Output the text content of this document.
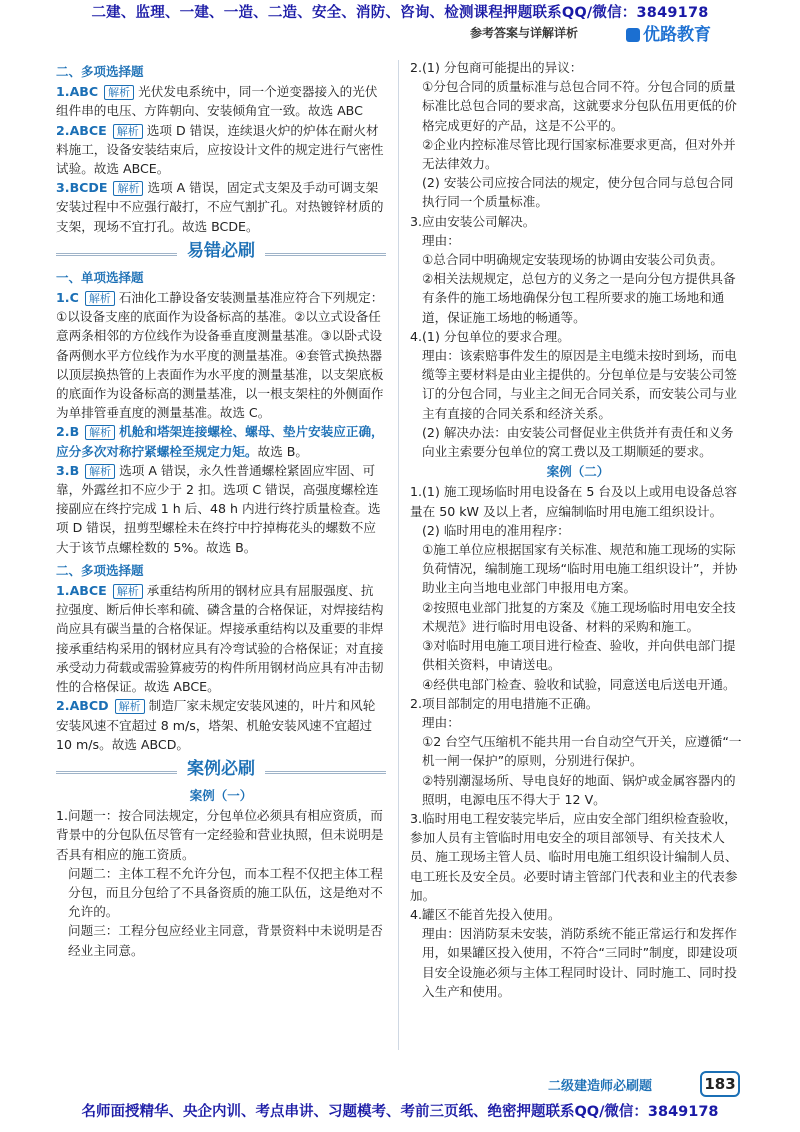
二建、监理、一建、一造、二造、安全、消防、咨询、检测课程押题联系QQ/微信：3849178
参考答案与详解详析	优路教育
二、多项选择题

1.ABC 解析 光伏发电系统中，同一个逆变器接入的光伏组件串的电压、方阵朝向、安装倾角宜一致。故选 ABC

2.ABCE 解析 选项 D 错误，连续退火炉的炉体在耐火材料施工，设备安装结束后，应按设计文件的规定进行气密性试验。故选 ABCE。

3.BCDE 解析 选项 A 错误，固定式支架及手动可调支架安装过程中不应强行敲打，不应气割扩孔。对热镀锌材质的支架，现场不宜打孔。故选 BCDE。

易错必刷
一、单项选择题

1.C 解析 石油化工静设备安装测量基准应符合下列规定：①以设备支座的底面作为设备标高的基准。②以立式设备任意两条相邻的方位线作为设备垂直度测量基准。③以卧式设备两侧水平方位线作为水平度的测量基准。④套管式换热器以顶层换热管的上表面作为水平度的测量基准，以支架底板的底面作为设备标高的测量基准，以一根支架柱的外侧面作为单排管垂直度的测量基准。故选 C。

2.B 解析 机舱和塔架连接螺栓、螺母、垫片安装应正确，应分多次对称拧紧螺栓至规定力矩。故选 B。

3.B 解析 选项 A 错误，永久性普通螺栓紧固应牢固、可靠，外露丝扣不应少于 2 扣。选项 C 错误，高强度螺栓连接副应在终拧完成 1 h 后、48 h 内进行终拧质量检查。选项 D 错误，扭剪型螺栓未在终拧中拧掉梅花头的螺数不应大于该节点螺栓数的 5%。故选 B。

二、多项选择题

1.ABCE 解析 承重结构所用的钢材应具有屈服强度、抗拉强度、断后伸长率和硫、磷含量的合格保证，对焊接结构尚应具有碳当量的合格保证。焊接承重结构以及重要的非焊接承重结构采用的钢材应具有冷弯试验的合格保证；对直接承受动力荷载或需验算疲劳的构件所用钢材尚应具有冲击韧性的合格保证。故选 ABCE。

2.ABCD 解析 制造厂家未规定安装风速的，叶片和风轮安装风速不宜超过 8 m/s，塔架、机舱安装风速不宜超过 10 m/s。故选 ABCD。

案例必刷
案例（一）

1.问题一：按合同法规定，分包单位必须具有相应资质，而背景中的分包队伍尽管有一定经验和营业执照，但未说明是否具有相应的施工资质。

问题二：主体工程不允许分包，而本工程不仅把主体工程分包，而且分包给了不具备资质的施工队伍，这是绝对不允许的。

问题三：工程分包应经业主同意，背景资料中未说明是否经业主同意。

2.(1) 分包商可能提出的异议：

①分包合同的质量标准与总包合同不符。分包合同的质量标准比总包合同的要求高，这就要求分包队伍用更低的价格完成更好的产品，这是不公平的。

②企业内控标准尽管比现行国家标准要求更高，但对外并无法律效力。

(2) 安装公司应按合同法的规定，使分包合同与总包合同执行同一个质量标准。

3.应由安装公司解决。

理由：

①总合同中明确规定安装现场的协调由安装公司负责。

②相关法规规定，总包方的义务之一是向分包方提供具备有条件的施工场地确保分包工程所要求的施工场地和通道，保证施工场地的畅通等。

4.(1) 分包单位的要求合理。

理由：该索赔事件发生的原因是主电缆未按时到场，而电缆等主要材料是由业主提供的。分包单位是与安装公司签订的分包合同，与业主之间无合同关系，而安装公司与业主有直接的合同关系和经济关系。

(2) 解决办法：由安装公司督促业主供货并有责任和义务向业主索要分包单位的窝工费以及工期顺延的要求。

案例（二）

1.(1) 施工现场临时用电设备在 5 台及以上或用电设备总容量在 50 kW 及以上者，应编制临时用电施工组织设计。

(2) 临时用电的准用程序：

①施工单位应根据国家有关标准、规范和施工现场的实际负荷情况，编制施工现场“临时用电施工组织设计”，并协助业主向当地电业部门申报用电方案。

②按照电业部门批复的方案及《施工现场临时用电安全技术规范》进行临时用电设备、材料的采购和施工。

③对临时用电施工项目进行检查、验收，并向供电部门提供相关资料，申请送电。

④经供电部门检查、验收和试验，同意送电后送电开通。

2.项目部制定的用电措施不正确。

理由：

①2 台空气压缩机不能共用一台自动空气开关，应遵循“一机一闸一保护”的原则，分别进行保护。

②特别潮湿场所、导电良好的地面、锅炉或金属容器内的照明，电源电压不得大于 12 V。

3.临时用电工程安装完毕后，应由安全部门组织检查验收，参加人员有主管临时用电安全的项目部领导、有关技术人员、施工现场主管人员、临时用电施工组织设计编制人员、电工班长及安全员。必要时请主管部门代表和业主的代表参加。

4.罐区不能首先投入使用。

理由：因消防泵未安装，消防系统不能正常运行和发挥作用，如果罐区投入使用，不符合“三同时”制度，即建设项目安全设施必须与主体工程同时设计、同时施工、同时投入生产和使用。

二级建造师必刷题	183
名师面授精华、央企内训、考点串讲、习题模考、考前三页纸、绝密押题联系QQ/微信：3849178
